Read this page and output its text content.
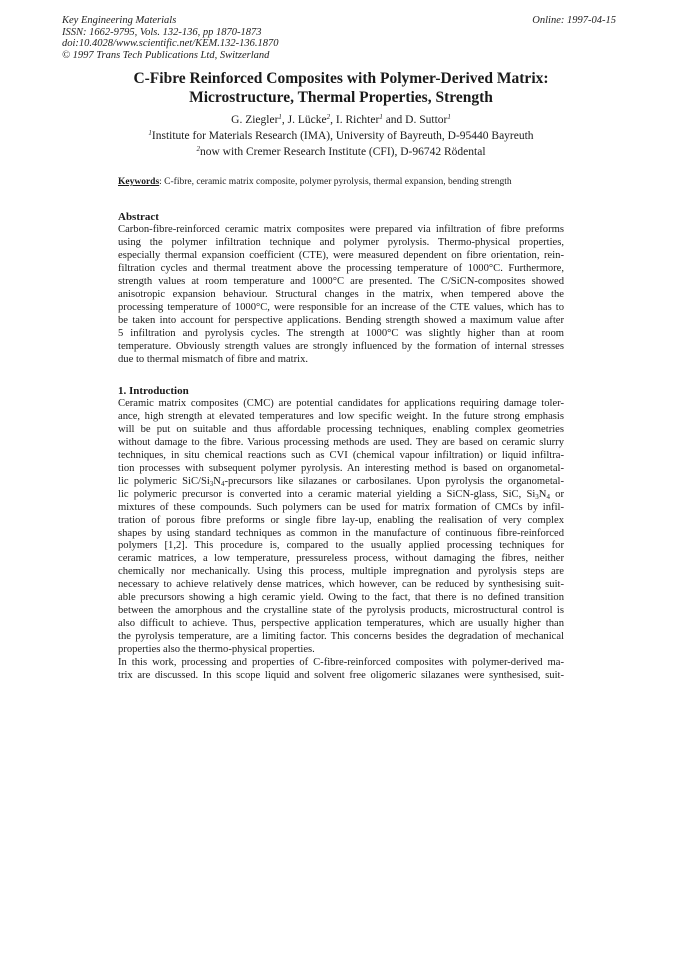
Key Engineering Materials
ISSN: 1662-9795, Vols. 132-136, pp 1870-1873
doi:10.4028/www.scientific.net/KEM.132-136.1870
© 1997 Trans Tech Publications Ltd, Switzerland
Online: 1997-04-15
C-Fibre Reinforced Composites with Polymer-Derived Matrix:
Microstructure, Thermal Properties, Strength
G. Ziegler$^1$, J. Lücke$^2$, I. Richter$^1$ and D. Suttor$^1$
$^1$Institute for Materials Research (IMA), University of Bayreuth, D-95440 Bayreuth
$^2$now with Cremer Research Institute (CFI), D-96742 Rödental
Keywords: C-fibre, ceramic matrix composite, polymer pyrolysis, thermal expansion, bending strength
Abstract
Carbon-fibre-reinforced ceramic matrix composites were prepared via infiltration of fibre preforms
using the polymer infiltration technique and polymer pyrolysis. Thermo-physical properties,
especially thermal expansion coefficient (CTE), were measured dependent on fibre orientation, rein-
filtration cycles and thermal treatment above the processing temperature of 1000°C. Furthermore,
strength values at room temperature and 1000°C are presented. The C/SiCN-composites showed
anisotropic expansion behaviour. Structural changes in the matrix, when tempered above the
processing temperature of 1000°C, were responsible for an increase of the CTE values, which has to
be taken into account for perspective applications. Bending strength showed a maximum value after
5 infiltration and pyrolysis cycles. The strength at 1000°C was slightly higher than at room
temperature. Obviously strength values are strongly influenced by the formation of internal stresses
due to thermal mismatch of fibre and matrix.
1. Introduction
Ceramic matrix composites (CMC) are potential candidates for applications requiring damage toler-
ance, high strength at elevated temperatures and low specific weight. In the future strong emphasis
will be put on suitable and thus affordable processing techniques, enabling complex geometries
without damage to the fibre. Various processing methods are used. They are based on ceramic slurry
techniques, in situ chemical reactions such as CVI (chemical vapour infiltration) or liquid infiltra-
tion processes with subsequent polymer pyrolysis. An interesting method is based on organometal-
lic polymeric SiC/$Si_3N_4$-precursors like silazanes or carbosilanes. Upon pyrolysis the organometal-
lic polymeric precursor is converted into a ceramic material yielding a SiCN-glass, SiC, $Si_3N_4$ or
mixtures of these compounds. Such polymers can be used for matrix formation of CMCs by infil-
tration of porous fibre preforms or single fibre lay-up, enabling the realisation of very complex
shapes by using standard techniques as common in the manufacture of continuous fibre-reinforced
polymers [1,2]. This procedure is, compared to the usually applied processing techniques for
ceramic matrices, a low temperature, pressureless process, without damaging the fibres, neither
chemically nor mechanically. Using this process, multiple impregnation and pyrolysis steps are
necessary to achieve relatively dense matrices, which however, can be reduced by synthesising suit-
able precursors showing a high ceramic yield. Owing to the fact, that there is no defined transition
between the amorphous and the crystalline state of the pyrolysis products, microstructural control is
also difficult to achieve. Thus, perspective application temperatures, which are usually higher than
the pyrolysis temperature, are a limiting factor. This concerns besides the degradation of mechanical
properties also the thermo-physical properties.
In this work, processing and properties of C-fibre-reinforced composites with polymer-derived ma-
trix are discussed. In this scope liquid and solvent free oligomeric silazanes were synthesised, suit-
